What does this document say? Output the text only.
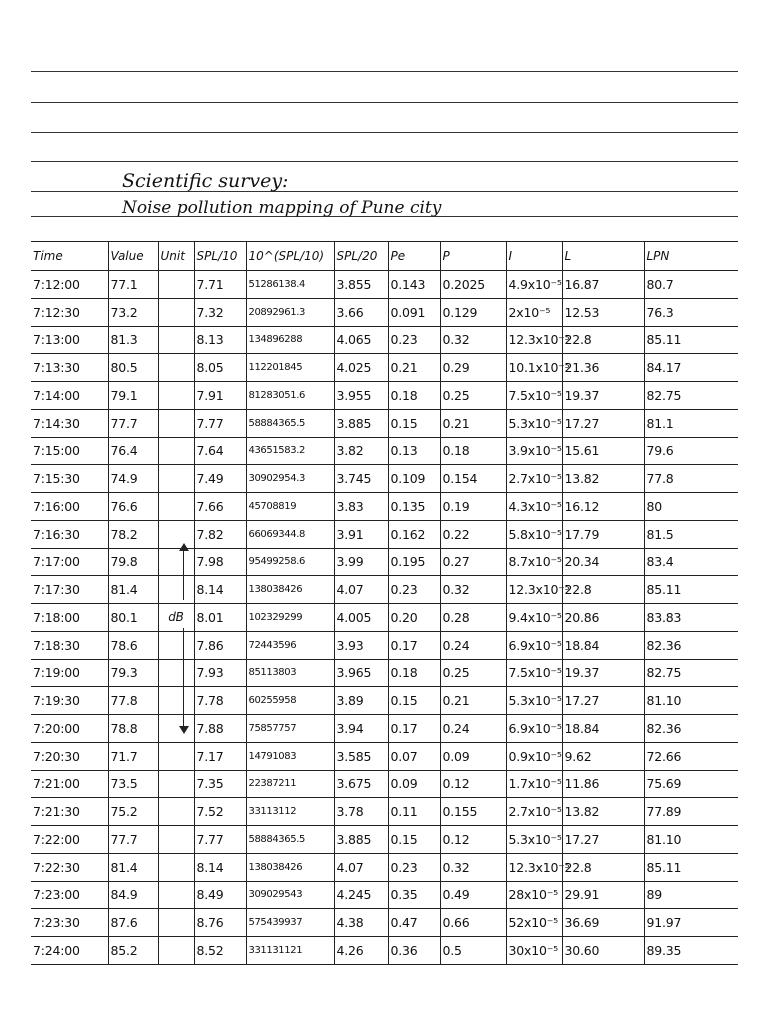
Scientific survey:
Noise pollution mapping of Pune city
Time	Value	Unit	SPL/10	10^(SPL/10)	SPL/20	Pe	P	I	L	LPN
7:12:00	77.1		7.71	51286138.4	3.855	0.143	0.2025	4.9x10⁻⁵	16.87	80.7
7:12:30	73.2		7.32	20892961.3	3.66	0.091	0.129	2x10⁻⁵	12.53	76.3
7:13:00	81.3		8.13	134896288	4.065	0.23	0.32	12.3x10⁻⁵	22.8	85.11
7:13:30	80.5		8.05	112201845	4.025	0.21	0.29	10.1x10⁻⁵	21.36	84.17
7:14:00	79.1		7.91	81283051.6	3.955	0.18	0.25	7.5x10⁻⁵	19.37	82.75
7:14:30	77.7		7.77	58884365.5	3.885	0.15	0.21	5.3x10⁻⁵	17.27	81.1
7:15:00	76.4		7.64	43651583.2	3.82	0.13	0.18	3.9x10⁻⁵	15.61	79.6
7:15:30	74.9		7.49	30902954.3	3.745	0.109	0.154	2.7x10⁻⁵	13.82	77.8
7:16:00	76.6		7.66	45708819	3.83	0.135	0.19	4.3x10⁻⁵	16.12	80
7:16:30	78.2		7.82	66069344.8	3.91	0.162	0.22	5.8x10⁻⁵	17.79	81.5
7:17:00	79.8		7.98	95499258.6	3.99	0.195	0.27	8.7x10⁻⁵	20.34	83.4
7:17:30	81.4		8.14	138038426	4.07	0.23	0.32	12.3x10⁻⁵	22.8	85.11
7:18:00	80.1	dB	8.01	102329299	4.005	0.20	0.28	9.4x10⁻⁵	20.86	83.83
7:18:30	78.6		7.86	72443596	3.93	0.17	0.24	6.9x10⁻⁵	18.84	82.36
7:19:00	79.3		7.93	85113803	3.965	0.18	0.25	7.5x10⁻⁵	19.37	82.75
7:19:30	77.8		7.78	60255958	3.89	0.15	0.21	5.3x10⁻⁵	17.27	81.10
7:20:00	78.8		7.88	75857757	3.94	0.17	0.24	6.9x10⁻⁵	18.84	82.36
7:20:30	71.7		7.17	14791083	3.585	0.07	0.09	0.9x10⁻⁵	9.62	72.66
7:21:00	73.5		7.35	22387211	3.675	0.09	0.12	1.7x10⁻⁵	11.86	75.69
7:21:30	75.2		7.52	33113112	3.78	0.11	0.155	2.7x10⁻⁵	13.82	77.89
7:22:00	77.7		7.77	58884365.5	3.885	0.15	0.12	5.3x10⁻⁵	17.27	81.10
7:22:30	81.4		8.14	138038426	4.07	0.23	0.32	12.3x10⁻⁵	22.8	85.11
7:23:00	84.9		8.49	309029543	4.245	0.35	0.49	28x10⁻⁵	29.91	89
7:23:30	87.6		8.76	575439937	4.38	0.47	0.66	52x10⁻⁵	36.69	91.97
7:24:00	85.2		8.52	331131121	4.26	0.36	0.5	30x10⁻⁵	30.60	89.35
